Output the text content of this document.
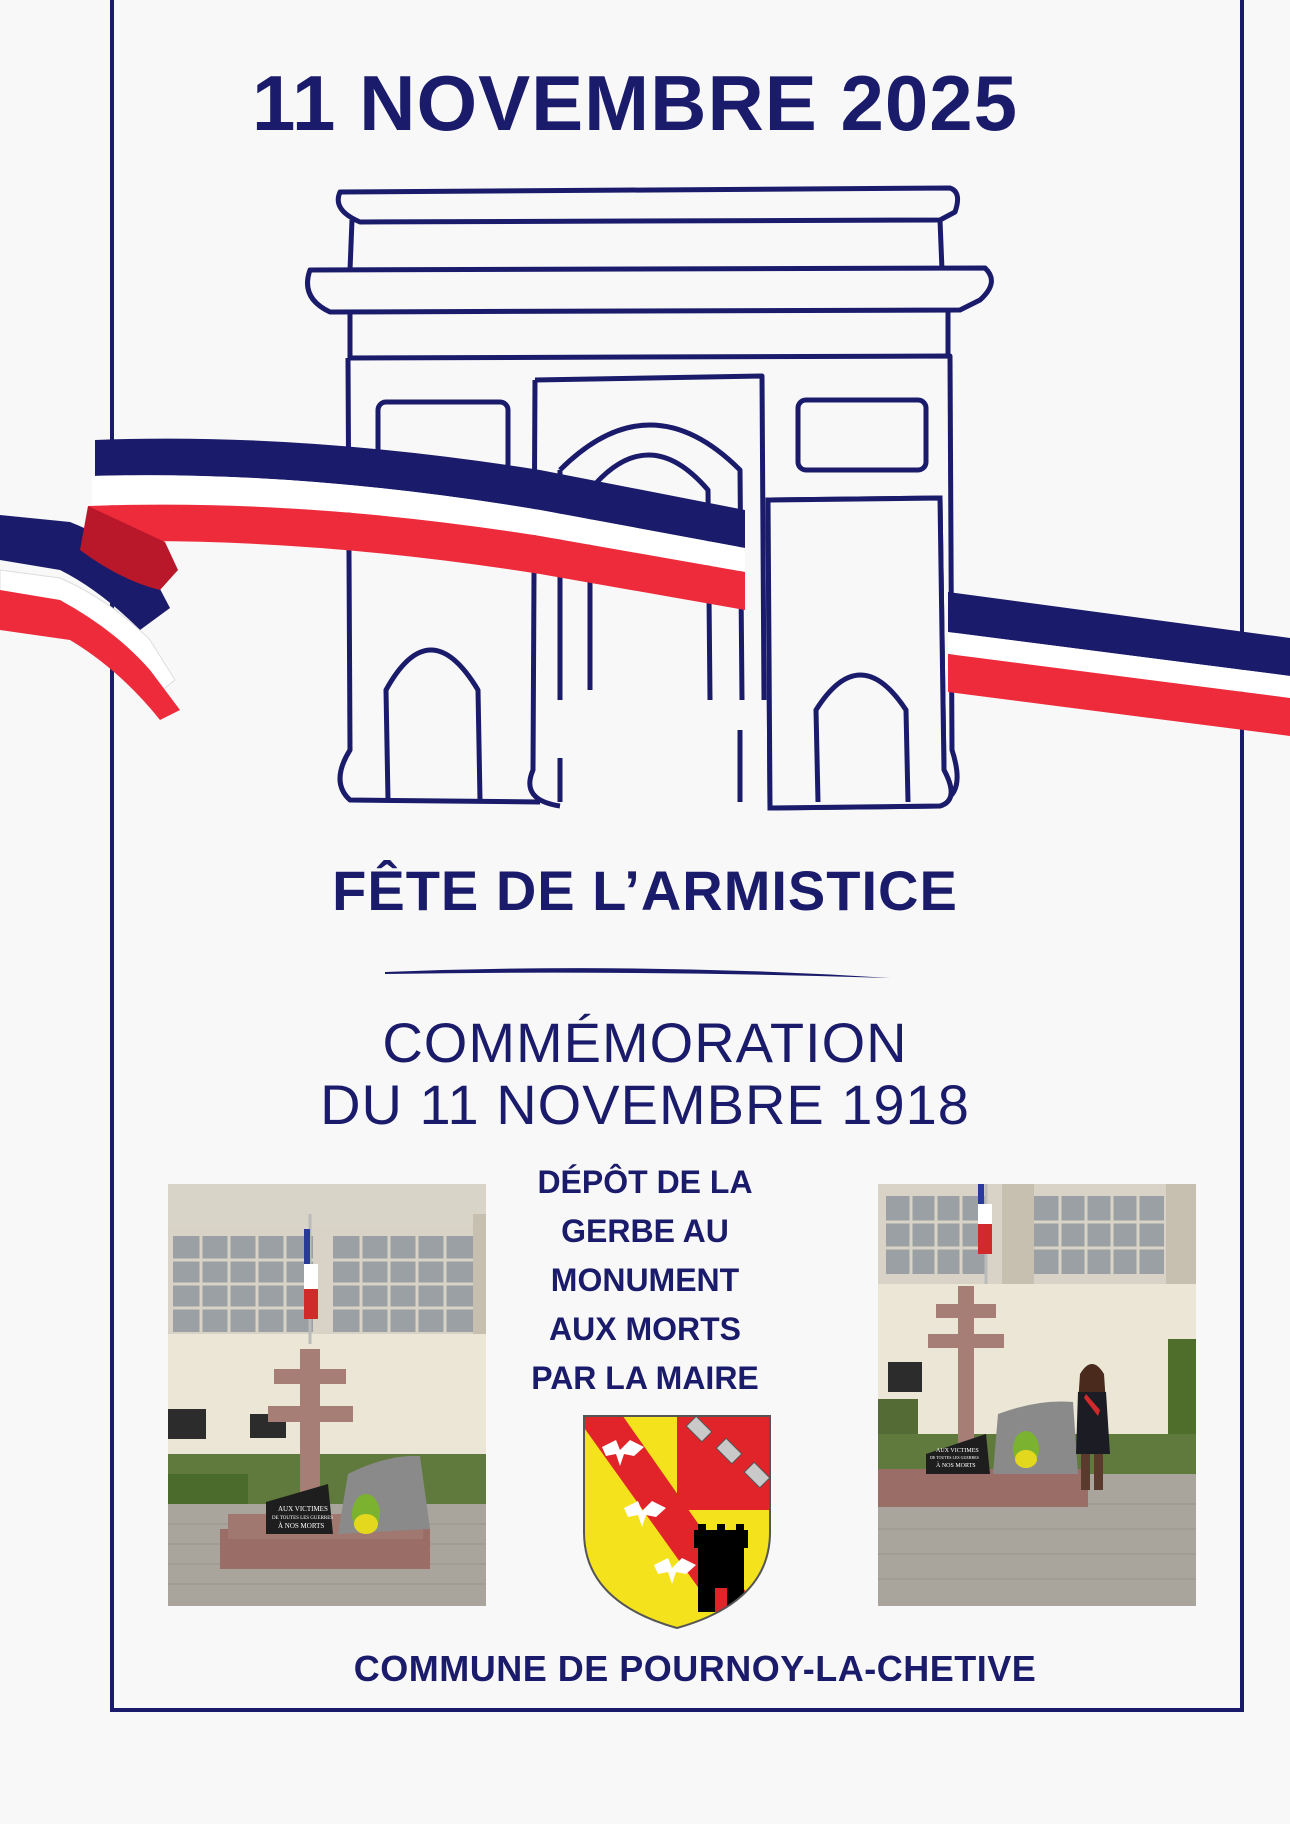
11 NOVEMBRE 2025
FÊTE DE L’ARMISTICE
COMMÉMORATION
DU 11 NOVEMBRE 1918
AUX VICTIMES
DE TOUTES LES GUERRES
À NOS MORTS
DÉPÔT DE LA
GERBE AU
MONUMENT
AUX MORTS
PAR LA MAIRE
AUX VICTIMES
DE TOUTES LES GUERRES
À NOS MORTS
COMMUNE DE POURNOY-LA-CHETIVE
